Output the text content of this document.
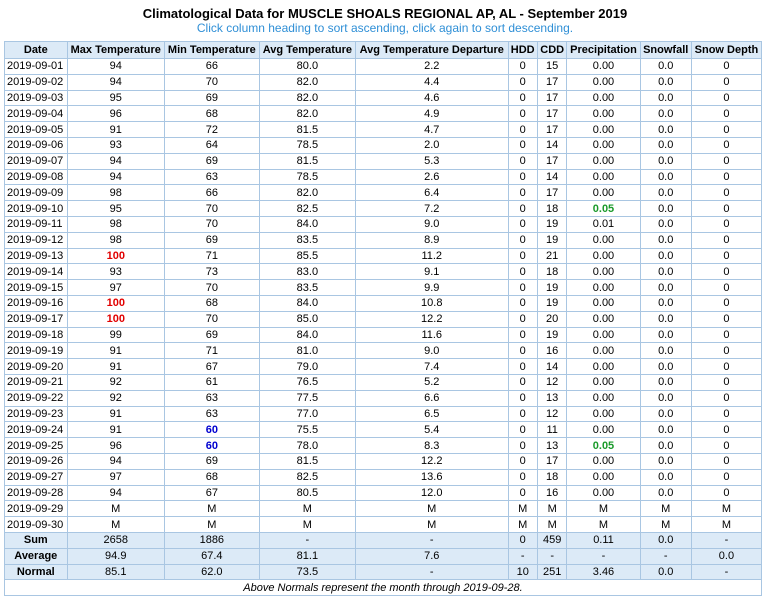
Climatological Data for MUSCLE SHOALS REGIONAL AP, AL - September 2019
Click column heading to sort ascending, click again to sort descending.
Date	Max Temperature	Min Temperature	Avg Temperature	Avg Temperature Departure	HDD	CDD	Precipitation	Snowfall	Snow Depth
2019-09-01	94	66	80.0	2.2	0	15	0.00	0.0	0
2019-09-02	94	70	82.0	4.4	0	17	0.00	0.0	0
2019-09-03	95	69	82.0	4.6	0	17	0.00	0.0	0
2019-09-04	96	68	82.0	4.9	0	17	0.00	0.0	0
2019-09-05	91	72	81.5	4.7	0	17	0.00	0.0	0
2019-09-06	93	64	78.5	2.0	0	14	0.00	0.0	0
2019-09-07	94	69	81.5	5.3	0	17	0.00	0.0	0
2019-09-08	94	63	78.5	2.6	0	14	0.00	0.0	0
2019-09-09	98	66	82.0	6.4	0	17	0.00	0.0	0
2019-09-10	95	70	82.5	7.2	0	18	0.05	0.0	0
2019-09-11	98	70	84.0	9.0	0	19	0.01	0.0	0
2019-09-12	98	69	83.5	8.9	0	19	0.00	0.0	0
2019-09-13	100	71	85.5	11.2	0	21	0.00	0.0	0
2019-09-14	93	73	83.0	9.1	0	18	0.00	0.0	0
2019-09-15	97	70	83.5	9.9	0	19	0.00	0.0	0
2019-09-16	100	68	84.0	10.8	0	19	0.00	0.0	0
2019-09-17	100	70	85.0	12.2	0	20	0.00	0.0	0
2019-09-18	99	69	84.0	11.6	0	19	0.00	0.0	0
2019-09-19	91	71	81.0	9.0	0	16	0.00	0.0	0
2019-09-20	91	67	79.0	7.4	0	14	0.00	0.0	0
2019-09-21	92	61	76.5	5.2	0	12	0.00	0.0	0
2019-09-22	92	63	77.5	6.6	0	13	0.00	0.0	0
2019-09-23	91	63	77.0	6.5	0	12	0.00	0.0	0
2019-09-24	91	60	75.5	5.4	0	11	0.00	0.0	0
2019-09-25	96	60	78.0	8.3	0	13	0.05	0.0	0
2019-09-26	94	69	81.5	12.2	0	17	0.00	0.0	0
2019-09-27	97	68	82.5	13.6	0	18	0.00	0.0	0
2019-09-28	94	67	80.5	12.0	0	16	0.00	0.0	0
2019-09-29	M	M	M	M	M	M	M	M	M
2019-09-30	M	M	M	M	M	M	M	M	M
Sum	2658	1886	-	-	0	459	0.11	0.0	-
Average	94.9	67.4	81.1	7.6	-	-	-	-	0.0
Normal	85.1	62.0	73.5	-	10	251	3.46	0.0	-
Above Normals represent the month through 2019-09-28.									
